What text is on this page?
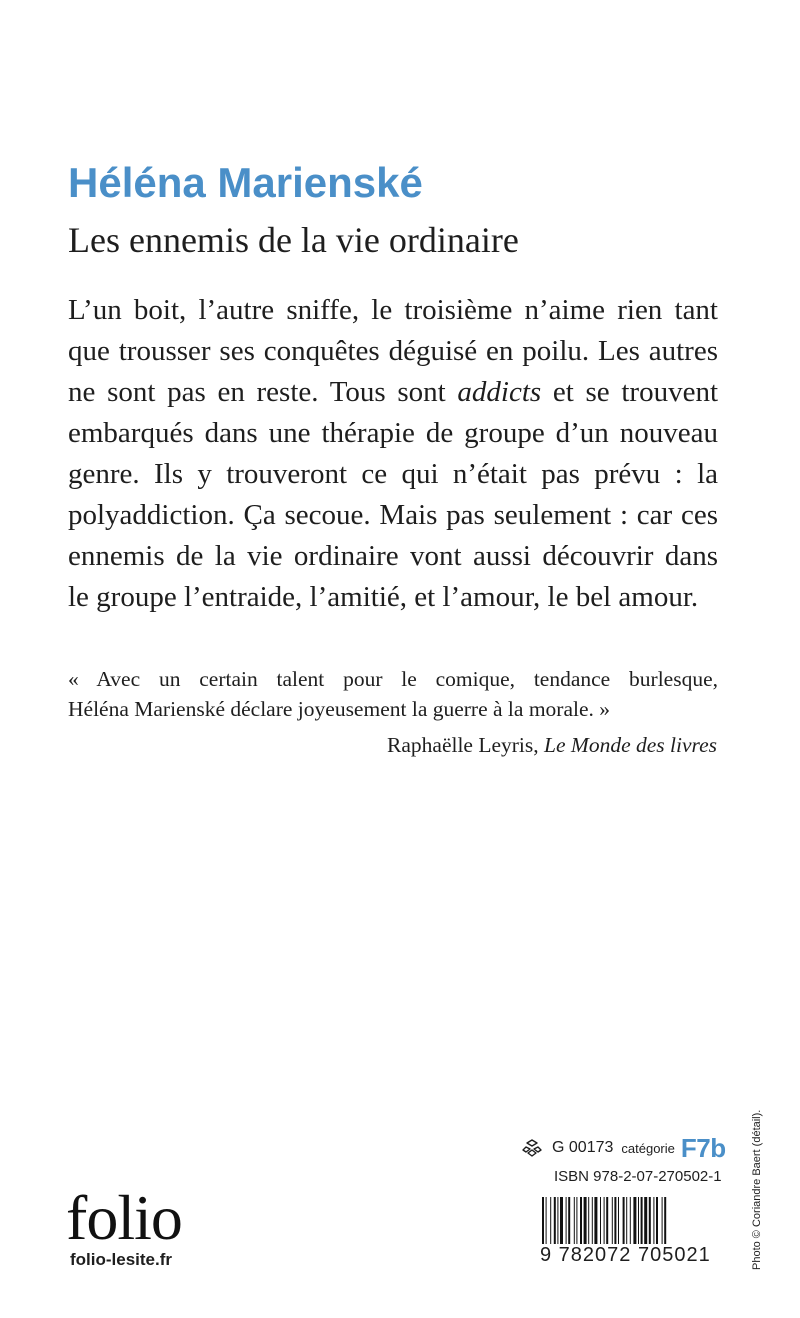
Héléna Marienské
Les ennemis de la vie ordinaire
L’un boit, l’autre sniffe, le troisième n’aime rien tant
que trousser ses conquêtes déguisé en poilu. Les autres
ne sont pas en reste. Tous sont addicts et se trouvent
embarqués dans une thérapie de groupe d’un nouveau
genre. Ils y trouveront ce qui n’était pas prévu : la
polyaddiction. Ça secoue. Mais pas seulement : car ces
ennemis de la vie ordinaire vont aussi découvrir dans
le groupe l’entraide, l’amitié, et l’amour, le bel amour.
« Avec un certain talent pour le comique, tendance burlesque,
Héléna Marienské déclare joyeusement la guerre à la morale. »
Raphaëlle Leyris, Le Monde des livres
G 00173 catégorie F7b
ISBN 978-2-07-270502-1
9 782072 705021
folio
folio-lesite.fr	Photo © Coriandre Baert (détail).
